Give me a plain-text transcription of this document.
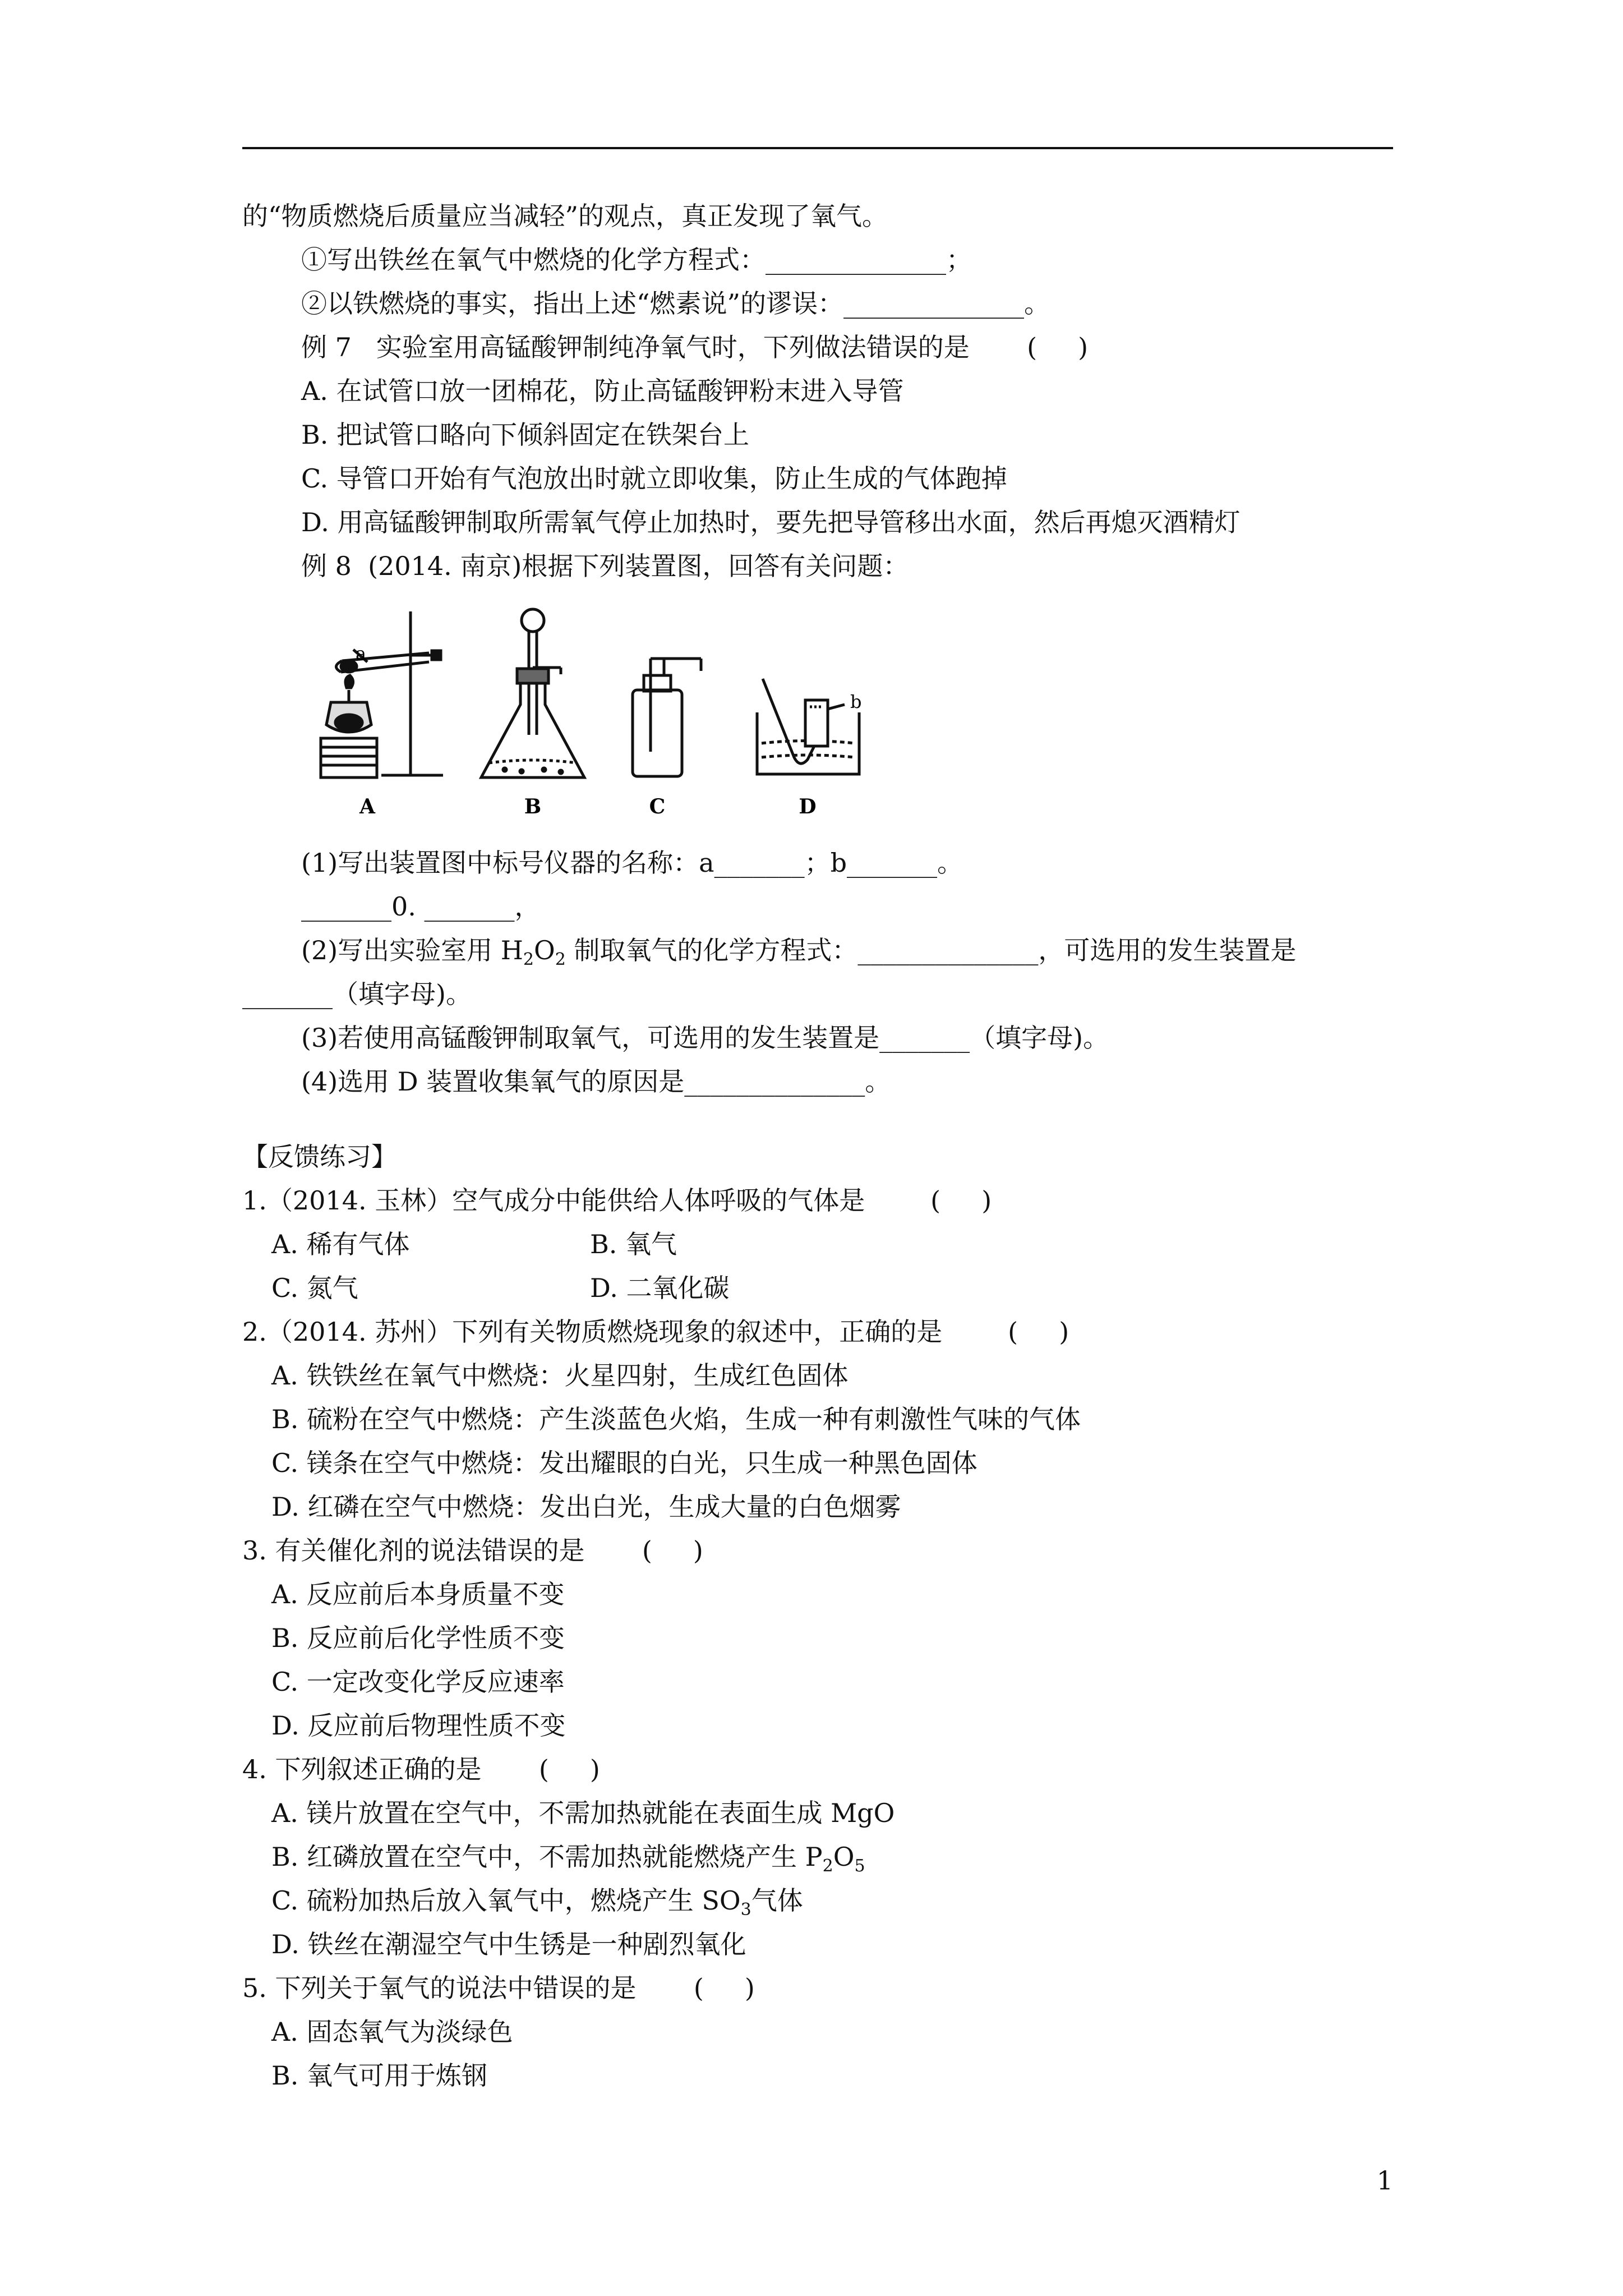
的“物质燃烧后质量应当减轻”的观点，真正发现了氧气。
①写出铁丝在氧气中燃烧的化学方程式：______________；
②以铁燃烧的事实，指出上述“燃素说”的谬误：______________。
例 7   实验室用高锰酸钾制纯净氧气时，下列做法错误的是       (     )
A. 在试管口放一团棉花，防止高锰酸钾粉末进入导管
B. 把试管口略向下倾斜固定在铁架台上
C. 导管口开始有气泡放出时就立即收集，防止生成的气体跑掉
D. 用高锰酸钾制取所需氧气停止加热时，要先把导管移出水面，然后再熄灭酒精灯
例 8  (2014. 南京)根据下列装置图，回答有关问题：
a
b
A	B	C	D
(1)写出装置图中标号仪器的名称：a_______；b_______。
_______0. _______，
(2)写出实验室用 $H_2O_2$ 制取氧气的化学方程式：______________，可选用的发生装置是
_______（填字母)。
(3)若使用高锰酸钾制取氧气，可选用的发生装置是_______（填字母)。
(4)选用 D 装置收集氧气的原因是______________。
【反馈练习】
1.（2014. 玉林）空气成分中能供给人体呼吸的气体是        (     )
A. 稀有气体	B. 氧气
C. 氮气	D. 二氧化碳
2.（2014. 苏州）下列有关物质燃烧现象的叙述中，正确的是        (     )
A. 铁铁丝在氧气中燃烧：火星四射，生成红色固体
B. 硫粉在空气中燃烧：产生淡蓝色火焰，生成一种有刺激性气味的气体
C. 镁条在空气中燃烧：发出耀眼的白光，只生成一种黑色固体
D. 红磷在空气中燃烧：发出白光，生成大量的白色烟雾
3. 有关催化剂的说法错误的是       (     )
A. 反应前后本身质量不变
B. 反应前后化学性质不变
C. 一定改变化学反应速率
D. 反应前后物理性质不变
4. 下列叙述正确的是       (     )
A. 镁片放置在空气中，不需加热就能在表面生成 MgO
B. 红磷放置在空气中，不需加热就能燃烧产生 $P_2O_5$
C. 硫粉加热后放入氧气中，燃烧产生 $SO_3$气体
D. 铁丝在潮湿空气中生锈是一种剧烈氧化
5. 下列关于氧气的说法中错误的是       (     )
A. 固态氧气为淡绿色
B. 氧气可用于炼钢
1
